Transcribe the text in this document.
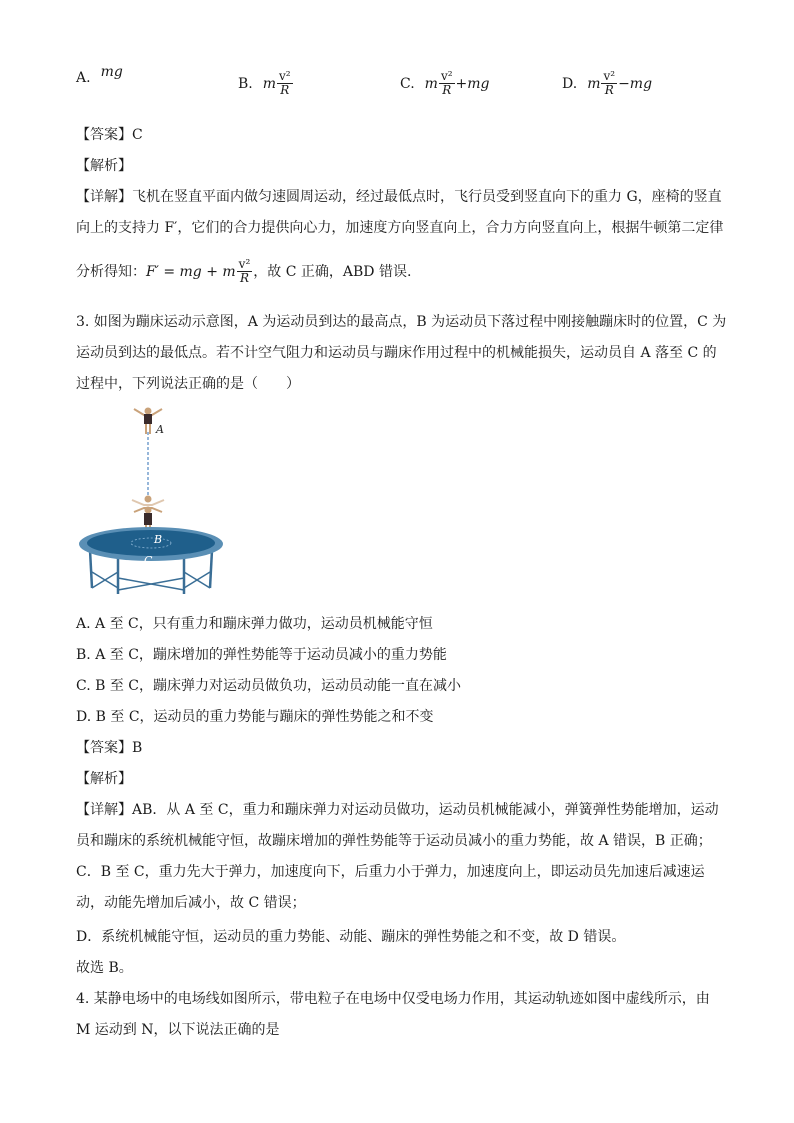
A. mg
B. m $\frac{\text{v²}}{R}$	C. m $\frac{\text{v²}}{R} +mg$	D. m $\frac{\text{v²}}{R} -mg$
【答案】C
【解析】
【详解】飞机在竖直平面内做匀速圆周运动，经过最低点时，飞行员受到竖直向下的重力 G，座椅的竖直
向上的支持力 F′，它们的合力提供向心力，加速度方向竖直向上，合力方向竖直向上，根据牛顿第二定律
分析得知： F′ = mg + m $\frac{\text{v²}}{R}$ ，故 C 正确，ABD 错误.
3. 如图为蹦床运动示意图，A 为运动员到达的最高点，B 为运动员下落过程中刚接触蹦床时的位置，C 为
运动员到达的最低点。若不计空气阻力和运动员与蹦床作用过程中的机械能损失，运动员自 A 落至 C 的
过程中，下列说法正确的是（　　）
A
B
C
A. A 至 C，只有重力和蹦床弹力做功，运动员机械能守恒
B. A 至 C，蹦床增加的弹性势能等于运动员减小的重力势能
C. B 至 C，蹦床弹力对运动员做负功，运动员动能一直在减小
D. B 至 C，运动员的重力势能与蹦床的弹性势能之和不变
【答案】B
【解析】
【详解】AB．从 A 至 C，重力和蹦床弹力对运动员做功，运动员机械能减小，弹簧弹性势能增加，运动
员和蹦床的系统机械能守恒，故蹦床增加的弹性势能等于运动员减小的重力势能，故 A 错误，B 正确；
C．B 至 C，重力先大于弹力，加速度向下，后重力小于弹力，加速度向上，即运动员先加速后减速运
动，动能先增加后减小，故 C 错误；
D．系统机械能守恒，运动员的重力势能、动能、蹦床的弹性势能之和不变，故 D 错误。
故选 B。
4. 某静电场中的电场线如图所示，带电粒子在电场中仅受电场力作用，其运动轨迹如图中虚线所示，由
M 运动到 N，以下说法正确的是
